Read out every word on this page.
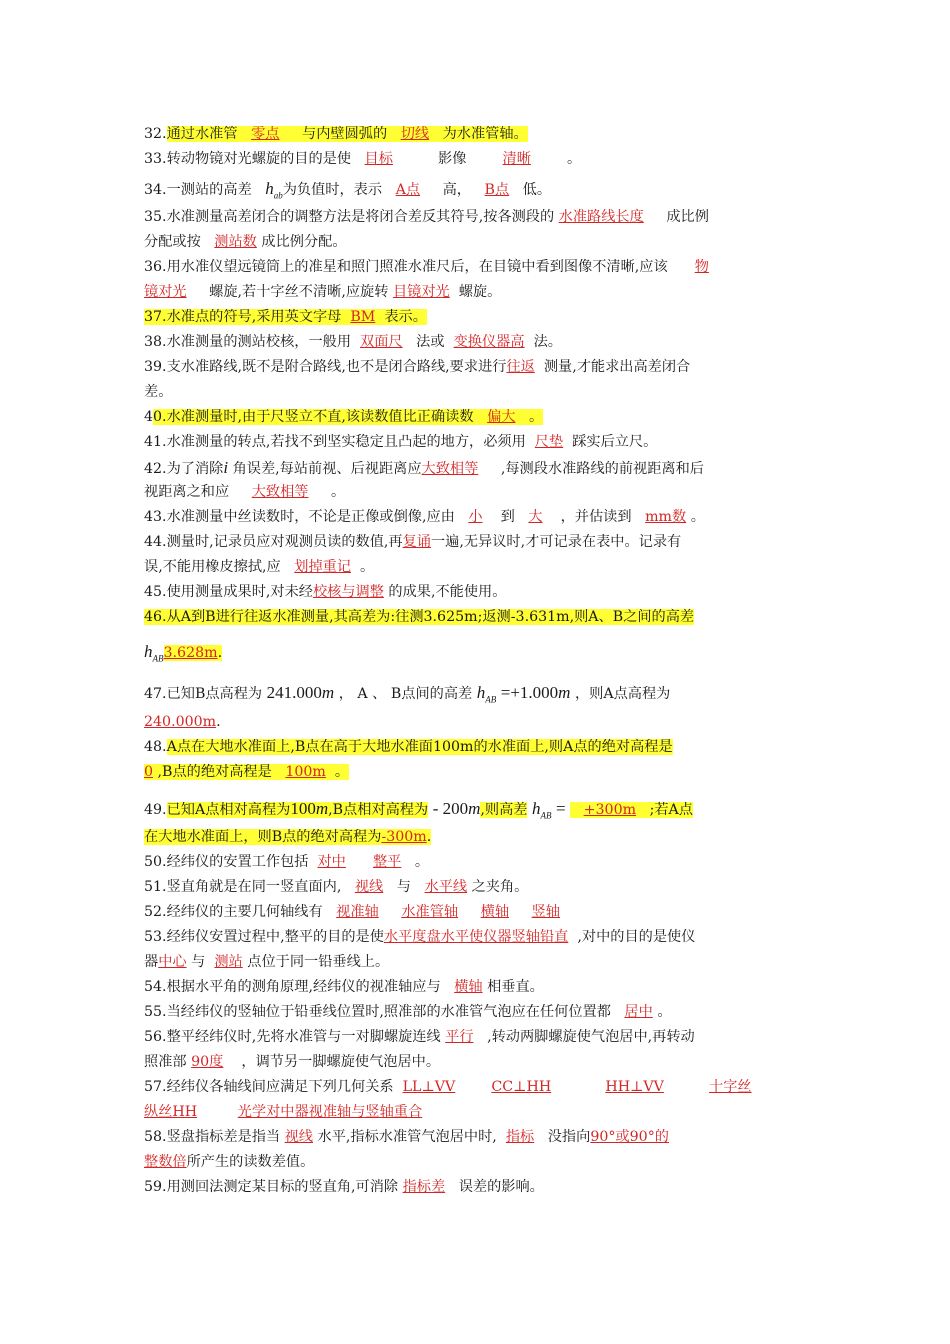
32.通过水准管 零点 与内壁圆弧的 切线 为水准管轴。
33.转动物镜对光螺旋的目的是使 目标	影像	清晰	。
34.一测站的高差 $h_{ab}$为负值时，表示 A点 高， B点 低。
35.水准测量高差闭合的调整方法是将闭合差反其符号,按各测段的 水准路线长度 成比例
分配或按 测站数 成比例分配。
36.用水准仪望远镜筒上的准星和照门照准水准尺后，在目镜中看到图像不清晰,应该 物
镜对光 螺旋,若十字丝不清晰,应旋转 目镜对光 螺旋。
37.水准点的符号,采用英文字母 BM 表示。
38.水准测量的测站校核，一般用 双面尺 法或 变换仪器高 法。
39.支水准路线,既不是附合路线,也不是闭合路线,要求进行往返 测量,才能求出高差闭合
差。
40.水准测量时,由于尺竖立不直,该读数值比正确读数 偏大 。
41.水准测量的转点,若找不到坚实稳定且凸起的地方，必须用 尺垫 踩实后立尺。
42.为了消除i 角误差,每站前视、后视距离应大致相等 ,每测段水准路线的前视距离和后
视距离之和应 大致相等 。
43.水准测量中丝读数时，不论是正像或倒像,应由 小 到 大 ，并估读到 mm数 。
44.测量时,记录员应对观测员读的数值,再复诵一遍,无异议时,才可记录在表中。记录有
误,不能用橡皮擦拭,应 划掉重记 。
45.使用测量成果时,对未经校核与调整 的成果,不能使用。
46.从A到B进行往返水准测量,其高差为:往测3.625m;返测-3.631m,则A、B之间的高差
$h_{AB}3.628m$.
47.已知B点高程为 241.000m ， A 、 B点间的高差 $h_{AB} =+1.000m$ ，则A点高程为
240.000m.
48.A点在大地水准面上,B点在高于大地水准面100m的水准面上,则A点的绝对高程是
0 ,B点的绝对高程是 100m 。
49.已知A点相对高程为100m,B点相对高程为 - 200m,则高差 $h_{AB} = +300m$ ;若A点
在大地水准面上，则B点的绝对高程为-300m.
50.经纬仪的安置工作包括 对中 整平 。
51.竖直角就是在同一竖直面内, 视线 与 水平线 之夹角。
52.经纬仪的主要几何轴线有 视准轴 水准管轴 横轴 竖轴
53.经纬仪安置过程中,整平的目的是使水平度盘水平使仪器竖轴铅直 ,对中的目的是使仪
器中心 与 测站 点位于同一铅垂线上。
54.根据水平角的测角原理,经纬仪的视准轴应与 横轴 相垂直。
55.当经纬仪的竖轴位于铅垂线位置时,照准部的水准管气泡应在任何位置都 居中 。
56.整平经纬仪时,先将水准管与一对脚螺旋连线 平行 ,转动两脚螺旋使气泡居中,再转动
照准部 90度 ，调节另一脚螺旋使气泡居中。
57.经纬仪各轴线间应满足下列几何关系 LL⊥VV	CC⊥HH	HH⊥VV	十字丝
纵丝HH	光学对中器视准轴与竖轴重合
58.竖盘指标差是指当 视线 水平,指标水准管气泡居中时, 指标 没指向90°或90°的
整数倍所产生的读数差值。
59.用测回法测定某目标的竖直角,可消除 指标差 误差的影响。
